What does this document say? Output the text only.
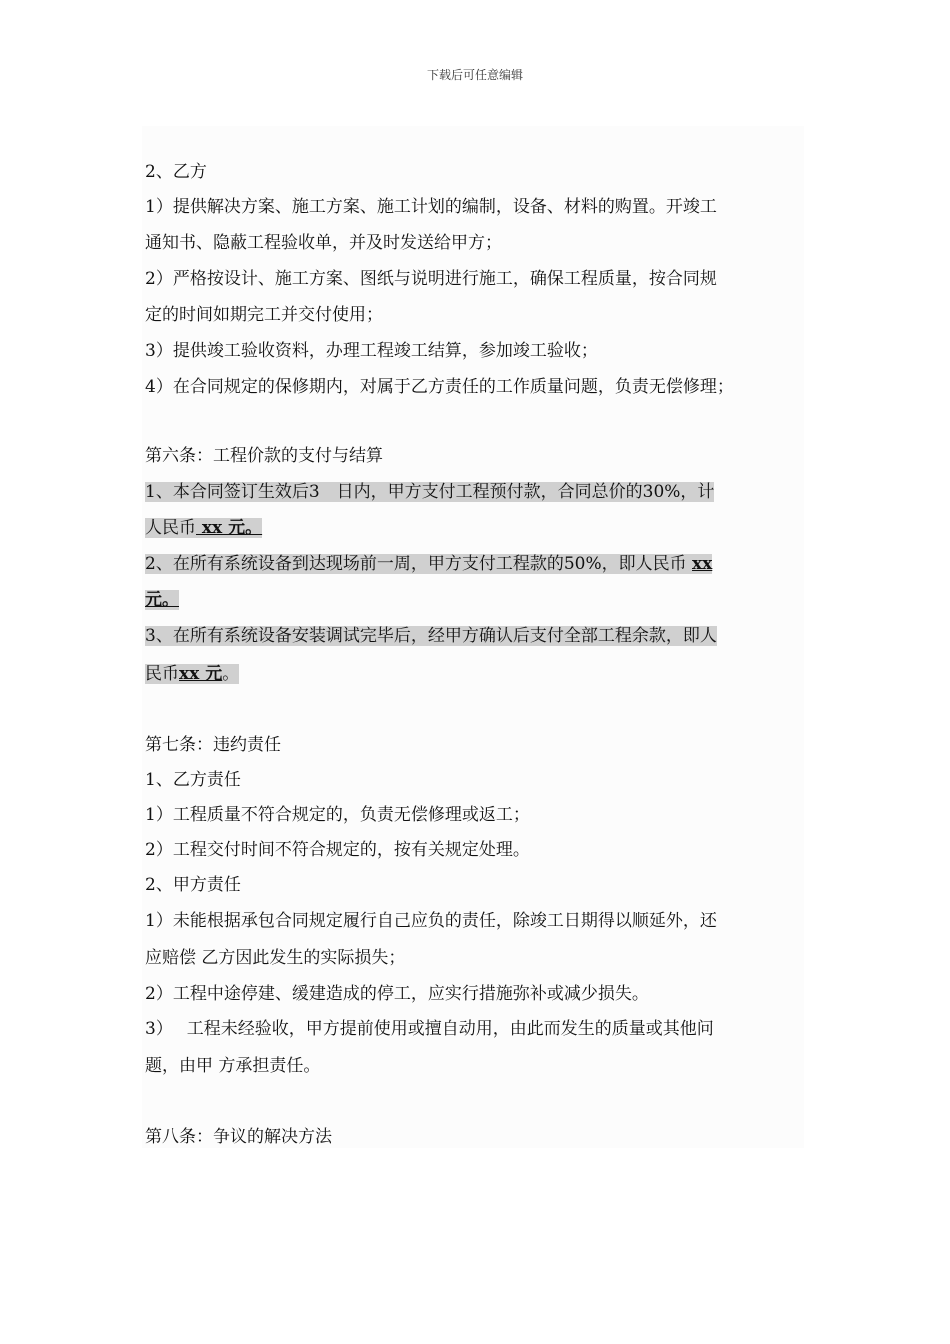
下载后可任意编辑
2、乙方
1）提供解决方案、施工方案、施工计划的编制，设备、材料的购置。开竣工
通知书、隐蔽工程验收单，并及时发送给甲方；
2）严格按设计、施工方案、图纸与说明进行施工，确保工程质量，按合同规
定的时间如期完工并交付使用；
3）提供竣工验收资料，办理工程竣工结算，参加竣工验收；
4）在合同规定的保修期内，对属于乙方责任的工作质量问题，负责无偿修理；
第六条：工程价款的支付与结算
1、本合同签订生效后3　日内，甲方支付工程预付款，合同总价的30%，计
人民币 xx 元。
2、在所有系统设备到达现场前一周，甲方支付工程款的50%，即人民币 xx
元。
3、在所有系统设备安装调试完毕后，经甲方确认后支付全部工程余款，即人
民币xx 元。
第七条：违约责任
1、乙方责任
1）工程质量不符合规定的，负责无偿修理或返工；
2）工程交付时间不符合规定的，按有关规定处理。
2、甲方责任
1）未能根据承包合同规定履行自己应负的责任，除竣工日期得以顺延外，还
应赔偿 乙方因此发生的实际损失；
2）工程中途停建、缓建造成的停工，应实行措施弥补或减少损失。
3）　 工程未经验收，甲方提前使用或擅自动用，由此而发生的质量或其他问
题，由甲 方承担责任。
第八条：争议的解决方法
